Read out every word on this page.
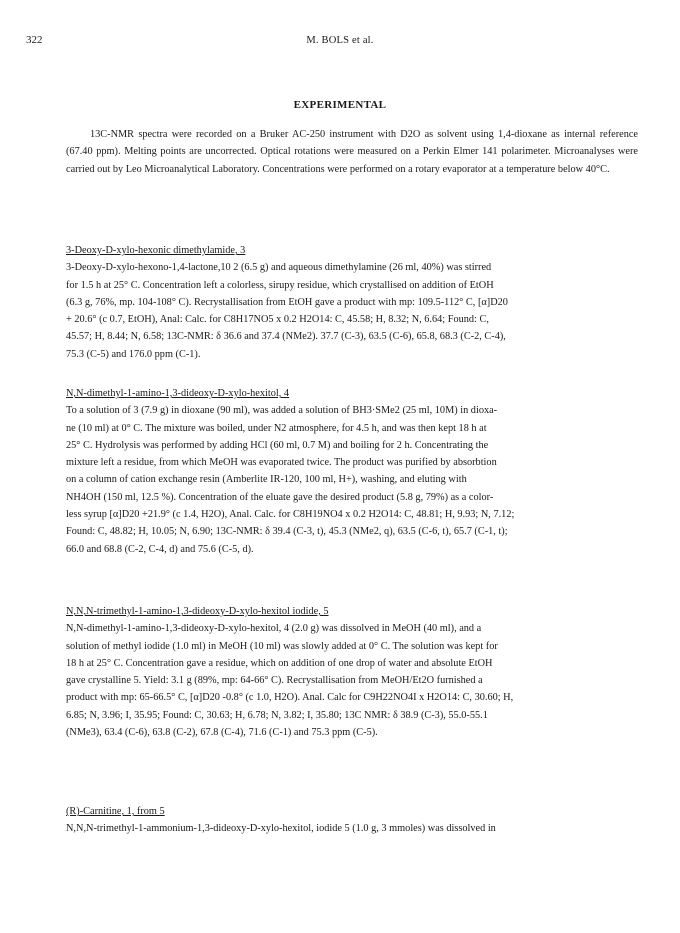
322	M. BOLS et al.
EXPERIMENTAL
13C-NMR spectra were recorded on a Bruker AC-250 instrument with D2O as solvent using 1,4-dioxane as internal reference (67.40 ppm). Melting points are uncorrected. Optical rotations were measured on a Perkin Elmer 141 polarimeter. Microanalyses were carried out by Leo Microanalytical Laboratory. Concentrations were performed on a rotary evaporator at a temperature below 40°C.
3-Deoxy-D-xylo-hexonic dimethylamide, 3
3-Deoxy-D-xylo-hexono-1,4-lactone,10 2 (6.5 g) and aqueous dimethylamine (26 ml, 40%) was stirred
for 1.5 h at 25° C. Concentration left a colorless, sirupy residue, which crystallised on addition of EtOH
(6.3 g, 76%, mp. 104-108° C). Recrystallisation from EtOH gave a product with mp: 109.5-112° C, [α]D20
+ 20.6° (c 0.7, EtOH), Anal: Calc. for C8H17NO5 x 0.2 H2O14: C, 45.58; H, 8.32; N, 6.64; Found: C,
45.57; H, 8.44; N, 6.58; 13C-NMR: δ 36.6 and 37.4 (NMe2). 37.7 (C-3), 63.5 (C-6), 65.8, 68.3 (C-2, C-4),
75.3 (C-5) and 176.0 ppm (C-1).
N,N-dimethyl-1-amino-1,3-dideoxy-D-xylo-hexitol, 4
To a solution of 3 (7.9 g) in dioxane (90 ml), was added a solution of BH3·SMe2 (25 ml, 10M) in dioxa-
ne (10 ml) at 0° C. The mixture was boiled, under N2 atmosphere, for 4.5 h, and was then kept 18 h at
25° C. Hydrolysis was performed by adding HCl (60 ml, 0.7 M) and boiling for 2 h. Concentrating the
mixture left a residue, from which MeOH was evaporated twice. The product was purified by absorbtion
on a column of cation exchange resin (Amberlite IR-120, 100 ml, H+), washing, and eluting with
NH4OH (150 ml, 12.5 %). Concentration of the eluate gave the desired product (5.8 g, 79%) as a color-
less syrup [α]D20 +21.9° (c 1.4, H2O), Anal. Calc. for C8H19NO4 x 0.2 H2O14: C, 48.81; H, 9.93; N, 7.12;
Found: C, 48.82; H, 10.05; N, 6.90; 13C-NMR: δ 39.4 (C-3, t), 45.3 (NMe2, q), 63.5 (C-6, t), 65.7 (C-1, t);
66.0 and 68.8 (C-2, C-4, d) and 75.6 (C-5, d).
N,N,N-trimethyl-1-amino-1,3-dideoxy-D-xylo-hexitol iodide, 5
N,N-dimethyl-1-amino-1,3-dideoxy-D-xylo-hexitol, 4 (2.0 g) was dissolved in MeOH (40 ml), and a
solution of methyl iodide (1.0 ml) in MeOH (10 ml) was slowly added at 0° C. The solution was kept for
18 h at 25° C. Concentration gave a residue, which on addition of one drop of water and absolute EtOH
gave crystalline 5. Yield: 3.1 g (89%, mp: 64-66° C). Recrystallisation from MeOH/Et2O furnished a
product with mp: 65-66.5° C, [α]D20 -0.8° (c 1.0, H2O). Anal. Calc for C9H22NO4I x H2O14: C, 30.60; H,
6.85; N, 3.96; I, 35.95; Found: C, 30.63; H, 6.78; N, 3.82; I, 35.80; 13C NMR: δ 38.9 (C-3), 55.0-55.1
(NMe3), 63.4 (C-6), 63.8 (C-2), 67.8 (C-4), 71.6 (C-1) and 75.3 ppm (C-5).
(R)-Carnitine, 1, from 5
N,N,N-trimethyl-1-ammonium-1,3-dideoxy-D-xylo-hexitol, iodide 5 (1.0 g, 3 mmoles) was dissolved in
